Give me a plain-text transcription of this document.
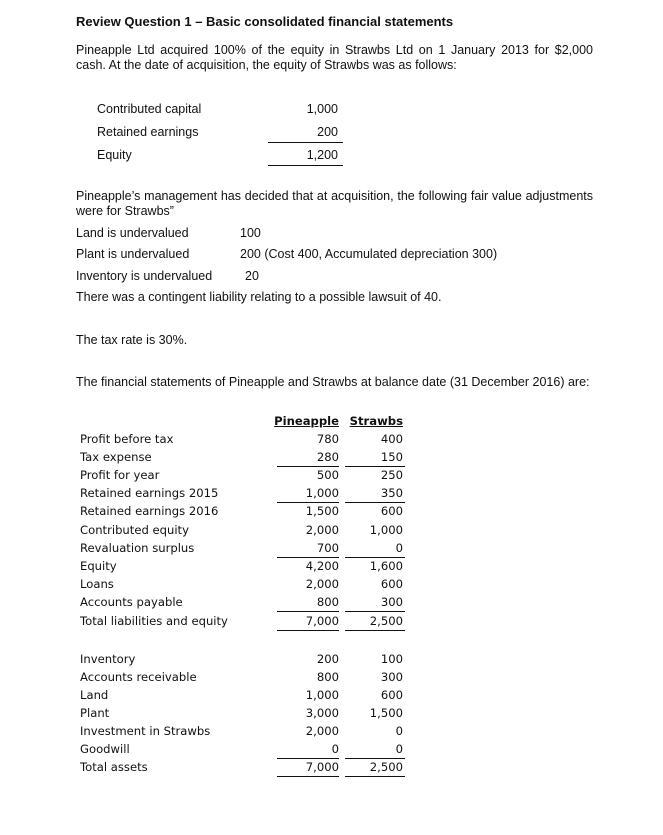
Review Question 1 – Basic consolidated financial statements
Pineapple Ltd acquired 100% of the equity in Strawbs Ltd on 1 January 2013 for $2,000 cash. At the date of acquisition, the equity of Strawbs was as follows:
Contributed capital	1,000
Retained earnings	200
Equity	1,200
Pineapple’s management has decided that at acquisition, the following fair value adjustments were for Strawbs”
Land is undervalued	100
Plant is undervalued	200 (Cost 400, Accumulated depreciation 300)
Inventory is undervalued	20
There was a contingent liability relating to a possible lawsuit of 40.
The tax rate is 30%.
The financial statements of Pineapple and Strawbs at balance date (31 December 2016) are:
Pineapple Strawbs
Profit before tax	780	400
Tax expense	280	150
Profit for year	500	250
Retained earnings 2015	1,000	350
Retained earnings 2016	1,500	600
Contributed equity	2,000	1,000
Revaluation surplus	700	0
Equity	4,200	1,600
Loans	2,000	600
Accounts payable	800	300
Total liabilities and equity	7,000	2,500
Inventory	200	100
Accounts receivable	800	300
Land	1,000	600
Plant	3,000	1,500
Investment in Strawbs	2,000	0
Goodwill	0	0
Total assets	7,000	2,500
